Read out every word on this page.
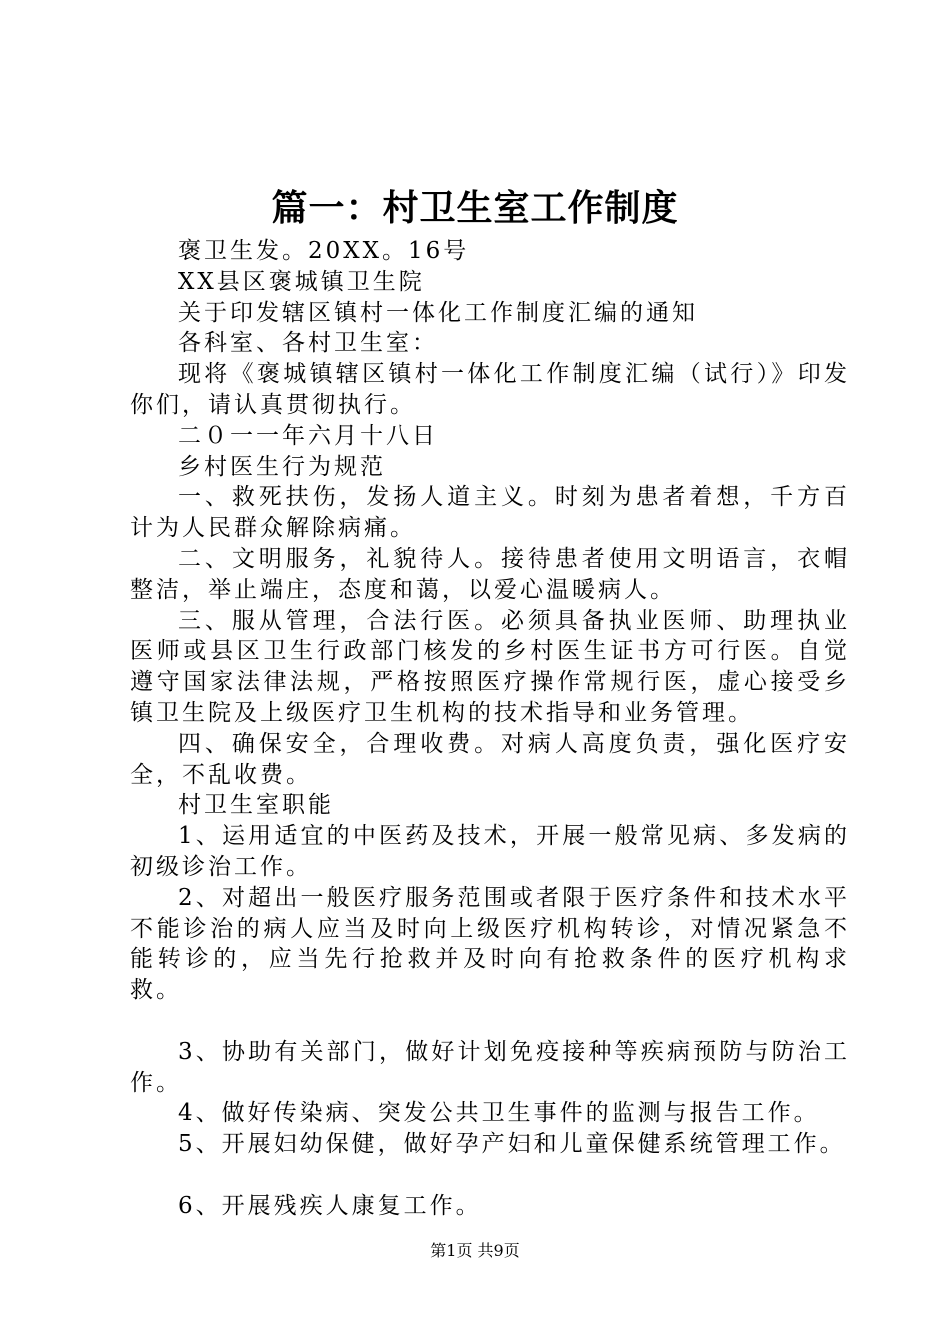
篇一：村卫生室工作制度

褒卫生发。20XX。16号

XX县区褒城镇卫生院

关于印发辖区镇村一体化工作制度汇编的通知

各科室、各村卫生室：

现将《褒城镇辖区镇村一体化工作制度汇编（试行）》印发你们，请认真贯彻执行。

二０一一年六月十八日

乡村医生行为规范

一、救死扶伤，发扬人道主义。时刻为患者着想，千方百计为人民群众解除病痛。

二、文明服务，礼貌待人。接待患者使用文明语言，衣帽整洁，举止端庄，态度和蔼，以爱心温暖病人。

三、服从管理，合法行医。必须具备执业医师、助理执业医师或县区卫生行政部门核发的乡村医生证书方可行医。自觉遵守国家法律法规，严格按照医疗操作常规行医，虚心接受乡镇卫生院及上级医疗卫生机构的技术指导和业务管理。

四、确保安全，合理收费。对病人高度负责，强化医疗安全，不乱收费。

村卫生室职能

1、运用适宜的中医药及技术，开展一般常见病、多发病的初级诊治工作。

2、对超出一般医疗服务范围或者限于医疗条件和技术水平不能诊治的病人应当及时向上级医疗机构转诊，对情况紧急不能转诊的，应当先行抢救并及时向有抢救条件的医疗机构求救。

3、协助有关部门，做好计划免疫接种等疾病预防与防治工作。

4、做好传染病、突发公共卫生事件的监测与报告工作。

5、开展妇幼保健，做好孕产妇和儿童保健系统管理工作。

6、开展残疾人康复工作。

第1页 共9页
